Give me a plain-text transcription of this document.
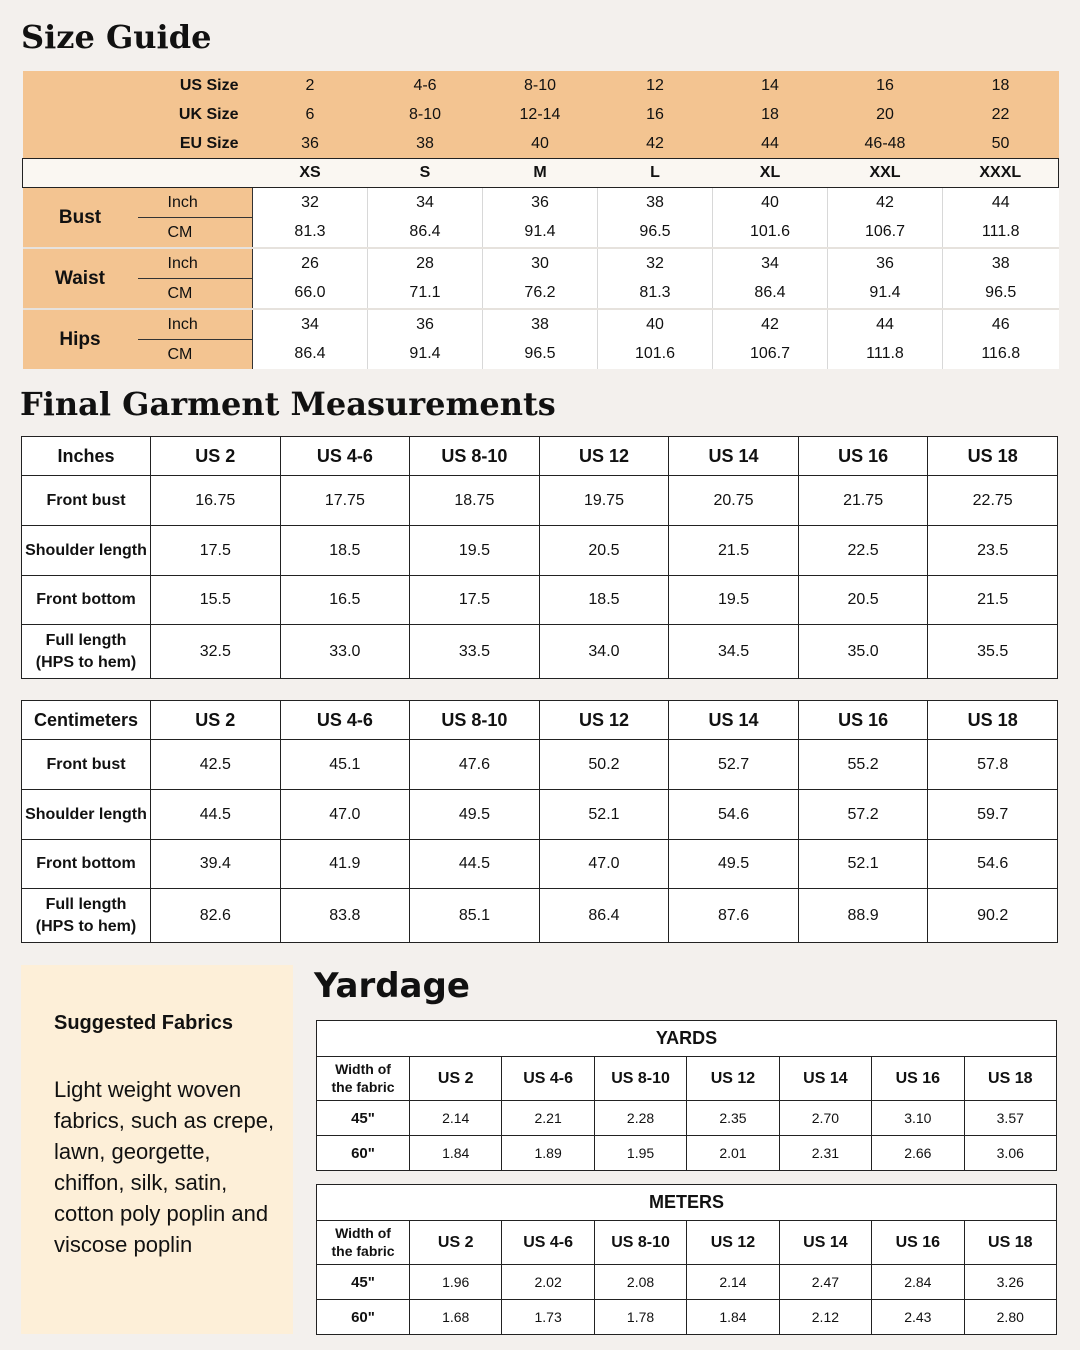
Size Guide
US Size		2	4-6	8-10	12	14	16	18
UK Size		6	8-10	12-14	16	18	20	22
EU Size		36	38	40	42	44	46-48	50
		XS	S	M	L	XL	XXL	XXXL
Bust	Inch	32	34	36	38	40	42	44
	CM	81.3	86.4	91.4	96.5	101.6	106.7	111.8
Waist	Inch	26	28	30	32	34	36	38
	CM	66.0	71.1	76.2	81.3	86.4	91.4	96.5
Hips	Inch	34	36	38	40	42	44	46
	CM	86.4	91.4	96.5	101.6	106.7	111.8	116.8
Final Garment Measurements
Inches	US 2	US 4-6	US 8-10	US 12	US 14	US 16	US 18
Front bust	16.75	17.75	18.75	19.75	20.75	21.75	22.75
Shoulder length	17.5	18.5	19.5	20.5	21.5	22.5	23.5
Front bottom	15.5	16.5	17.5	18.5	19.5	20.5	21.5

Full length
(HPS to hem)	32.5	33.0	33.5	34.0	34.5	35.0	35.5
Centimeters	US 2	US 4-6	US 8-10	US 12	US 14	US 16	US 18
Front bust	42.5	45.1	47.6	50.2	52.7	55.2	57.8
Shoulder length	44.5	47.0	49.5	52.1	54.6	57.2	59.7
Front bottom	39.4	41.9	44.5	47.0	49.5	52.1	54.6

Full length
(HPS to hem)	82.6	83.8	85.1	86.4	87.6	88.9	90.2
Suggested Fabrics
Light weight woven fabrics, such as crepe, lawn, georgette, chiffon, silk, satin, cotton poly poplin and viscose poplin
Yardage
YARDS							

Width of
the fabric	US 2	US 4-6	US 8-10	US 12	US 14	US 16	US 18
45"	2.14	2.21	2.28	2.35	2.70	3.10	3.57
60"	1.84	1.89	1.95	2.01	2.31	2.66	3.06
METERS							

Width of
the fabric	US 2	US 4-6	US 8-10	US 12	US 14	US 16	US 18
45"	1.96	2.02	2.08	2.14	2.47	2.84	3.26
60"	1.68	1.73	1.78	1.84	2.12	2.43	2.80
